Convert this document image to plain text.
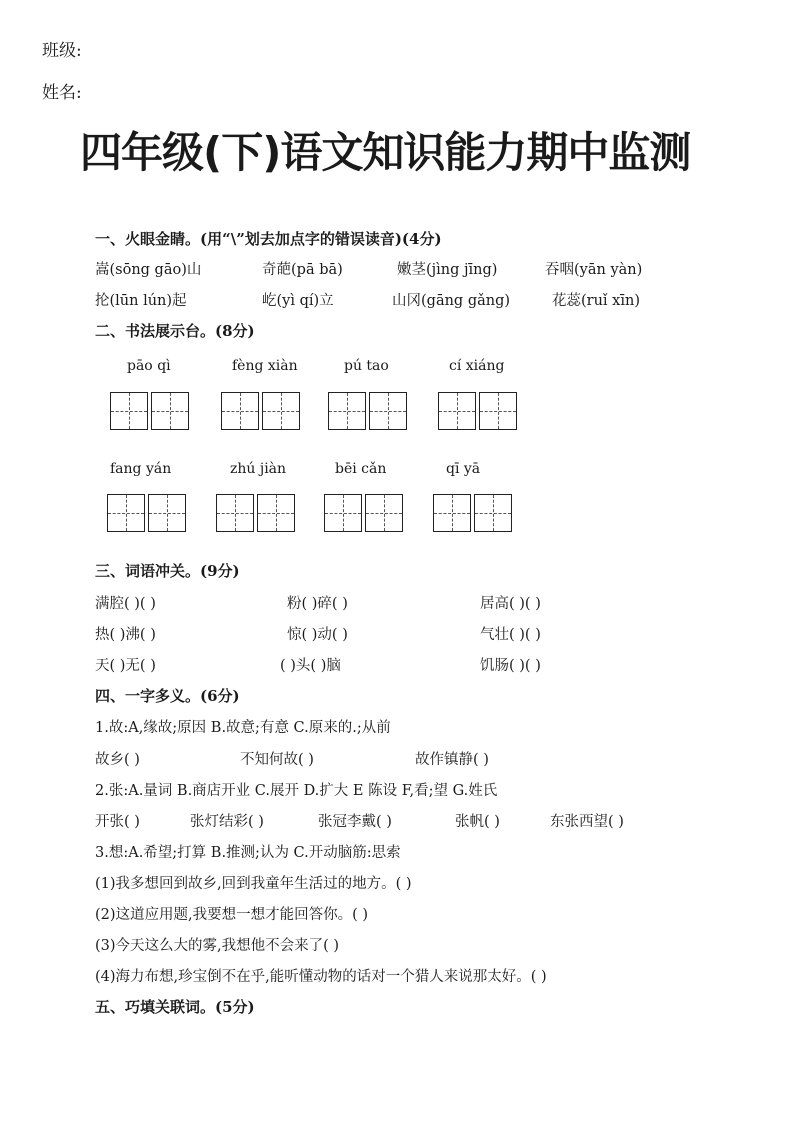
班级:
姓名:
四年级(下)语文知识能力期中监测
一、火眼金睛。(用“\”划去加点字的错误读音)(4分)
嵩(sōng gāo)山	奇葩(pā bā)	嫩茎(jìng jīng)	吞咽(yān yàn)
抡(lūn lún)起	屹(yì qí)立	山冈(gāng gǎng)	花蕊(ruǐ xīn)
二、书法展示台。(8分)
pāo qì	fèng xiàn	pú tao	cí xiáng
fang yán	zhú jiàn	bēi cǎn	qī yā
三、词语冲关。(9分)
满腔( )( )	粉( )碎( )	居高( )( )
热( )沸( )	惊( )动( )	气壮( )( )
天( )无( )	( )头( )脑	饥肠( )( )
四、一字多义。(6分)
1.故:A,缘故;原因 B.故意;有意 C.原来的.;从前
故乡( )	不知何故( )	故作镇静( )
2.张:A.量词 B.商店开业 C.展开 D.扩大 E 陈设 F,看;望 G.姓氏
开张( )	张灯结彩( )	张冠李戴( )	张帆( )	东张西望( )
3.想:A.希望;打算 B.推测;认为 C.开动脑筋:思索
(1)我多想回到故乡,回到我童年生活过的地方。( )
(2)这道应用题,我要想一想才能回答你。( )
(3)今天这么大的雾,我想他不会来了( )
(4)海力布想,珍宝倒不在乎,能听懂动物的话对一个猎人来说那太好。( )
五、巧填关联词。(5分)
